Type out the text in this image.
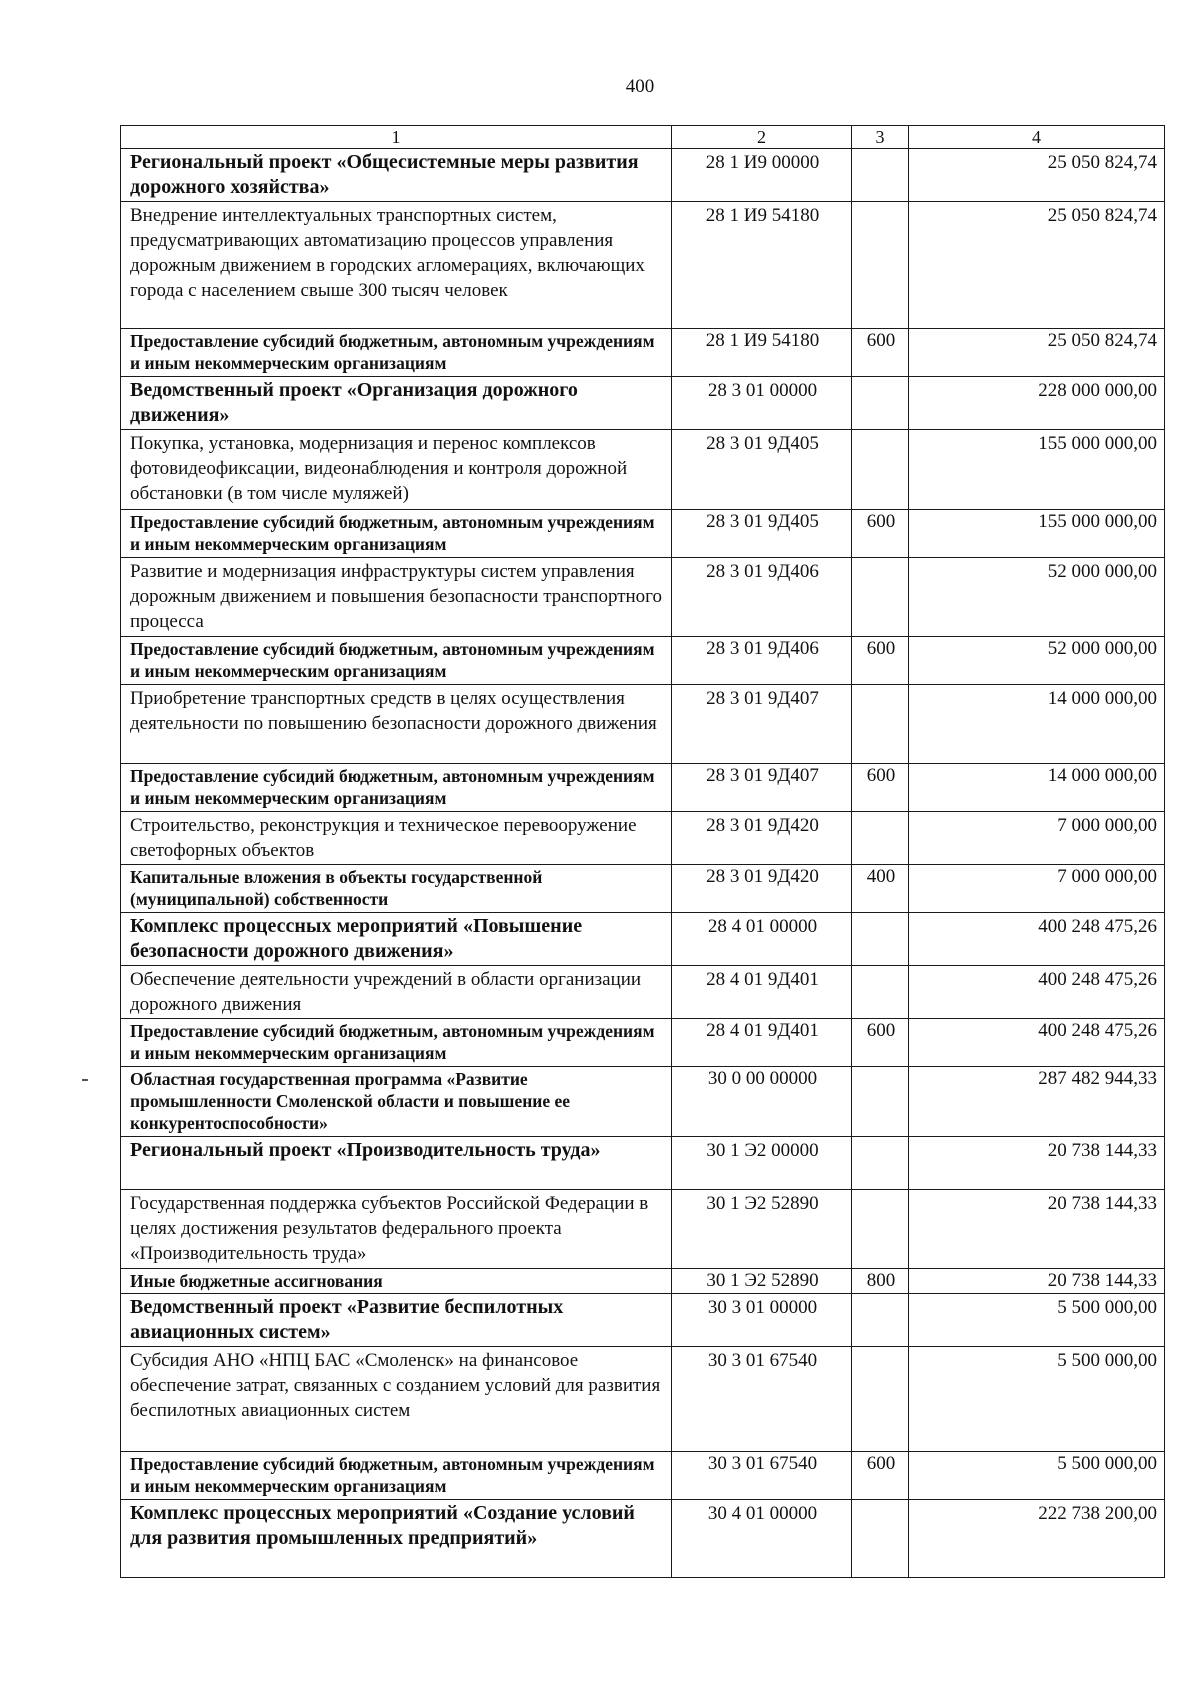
400
1	2	3	4
Региональный проект «Общесистемные меры развития дорожного хозяйства»	28 1 И9 00000		25 050 824,74
Внедрение интеллектуальных транспортных систем, предусматривающих автоматизацию процессов управления дорожным движением в городских агломерациях, включающих города с населением свыше 300 тысяч человек	28 1 И9 54180		25 050 824,74
Предоставление субсидий бюджетным, автономным учреждениям и иным некоммерческим организациям	28 1 И9 54180	600	25 050 824,74
Ведомственный проект «Организация дорожного движения»	28 3 01 00000		228 000 000,00
Покупка, установка, модернизация и перенос комплексов фотовидеофиксации, видеонаблюдения и контроля дорожной обстановки (в том числе муляжей)	28 3 01 9Д405		155 000 000,00
Предоставление субсидий бюджетным, автономным учреждениям и иным некоммерческим организациям	28 3 01 9Д405	600	155 000 000,00
Развитие и модернизация инфраструктуры систем управления дорожным движением и повышения безопасности транспортного процесса	28 3 01 9Д406		52 000 000,00
Предоставление субсидий бюджетным, автономным учреждениям и иным некоммерческим организациям	28 3 01 9Д406	600	52 000 000,00
Приобретение транспортных средств в целях осуществления деятельности по повышению безопасности дорожного движения	28 3 01 9Д407		14 000 000,00
Предоставление субсидий бюджетным, автономным учреждениям и иным некоммерческим организациям	28 3 01 9Д407	600	14 000 000,00
Строительство, реконструкция и техническое перевооружение светофорных объектов	28 3 01 9Д420		7 000 000,00
Капитальные вложения в объекты государственной (муниципальной) собственности	28 3 01 9Д420	400	7 000 000,00
Комплекс процессных мероприятий «Повышение безопасности дорожного движения»	28 4 01 00000		400 248 475,26
Обеспечение деятельности учреждений в области организации дорожного движения	28 4 01 9Д401		400 248 475,26
Предоставление субсидий бюджетным, автономным учреждениям и иным некоммерческим организациям	28 4 01 9Д401	600	400 248 475,26
Областная государственная программа «Развитие промышленности Смоленской области и повышение ее конкурентоспособности»	30 0 00 00000		287 482 944,33
Региональный проект «Производительность труда»	30 1 Э2 00000		20 738 144,33
Государственная поддержка субъектов Российской Федерации в целях достижения результатов федерального проекта «Производительность труда»	30 1 Э2 52890		20 738 144,33
Иные бюджетные ассигнования	30 1 Э2 52890	800	20 738 144,33
Ведомственный проект «Развитие беспилотных авиационных систем»	30 3 01 00000		5 500 000,00
Субсидия АНО «НПЦ БАС «Смоленск» на финансовое обеспечение затрат, связанных с созданием условий для развития беспилотных авиационных систем	30 3 01 67540		5 500 000,00
Предоставление субсидий бюджетным, автономным учреждениям и иным некоммерческим организациям	30 3 01 67540	600	5 500 000,00
Комплекс процессных мероприятий «Создание условий для развития промышленных предприятий»	30 4 01 00000		222 738 200,00
